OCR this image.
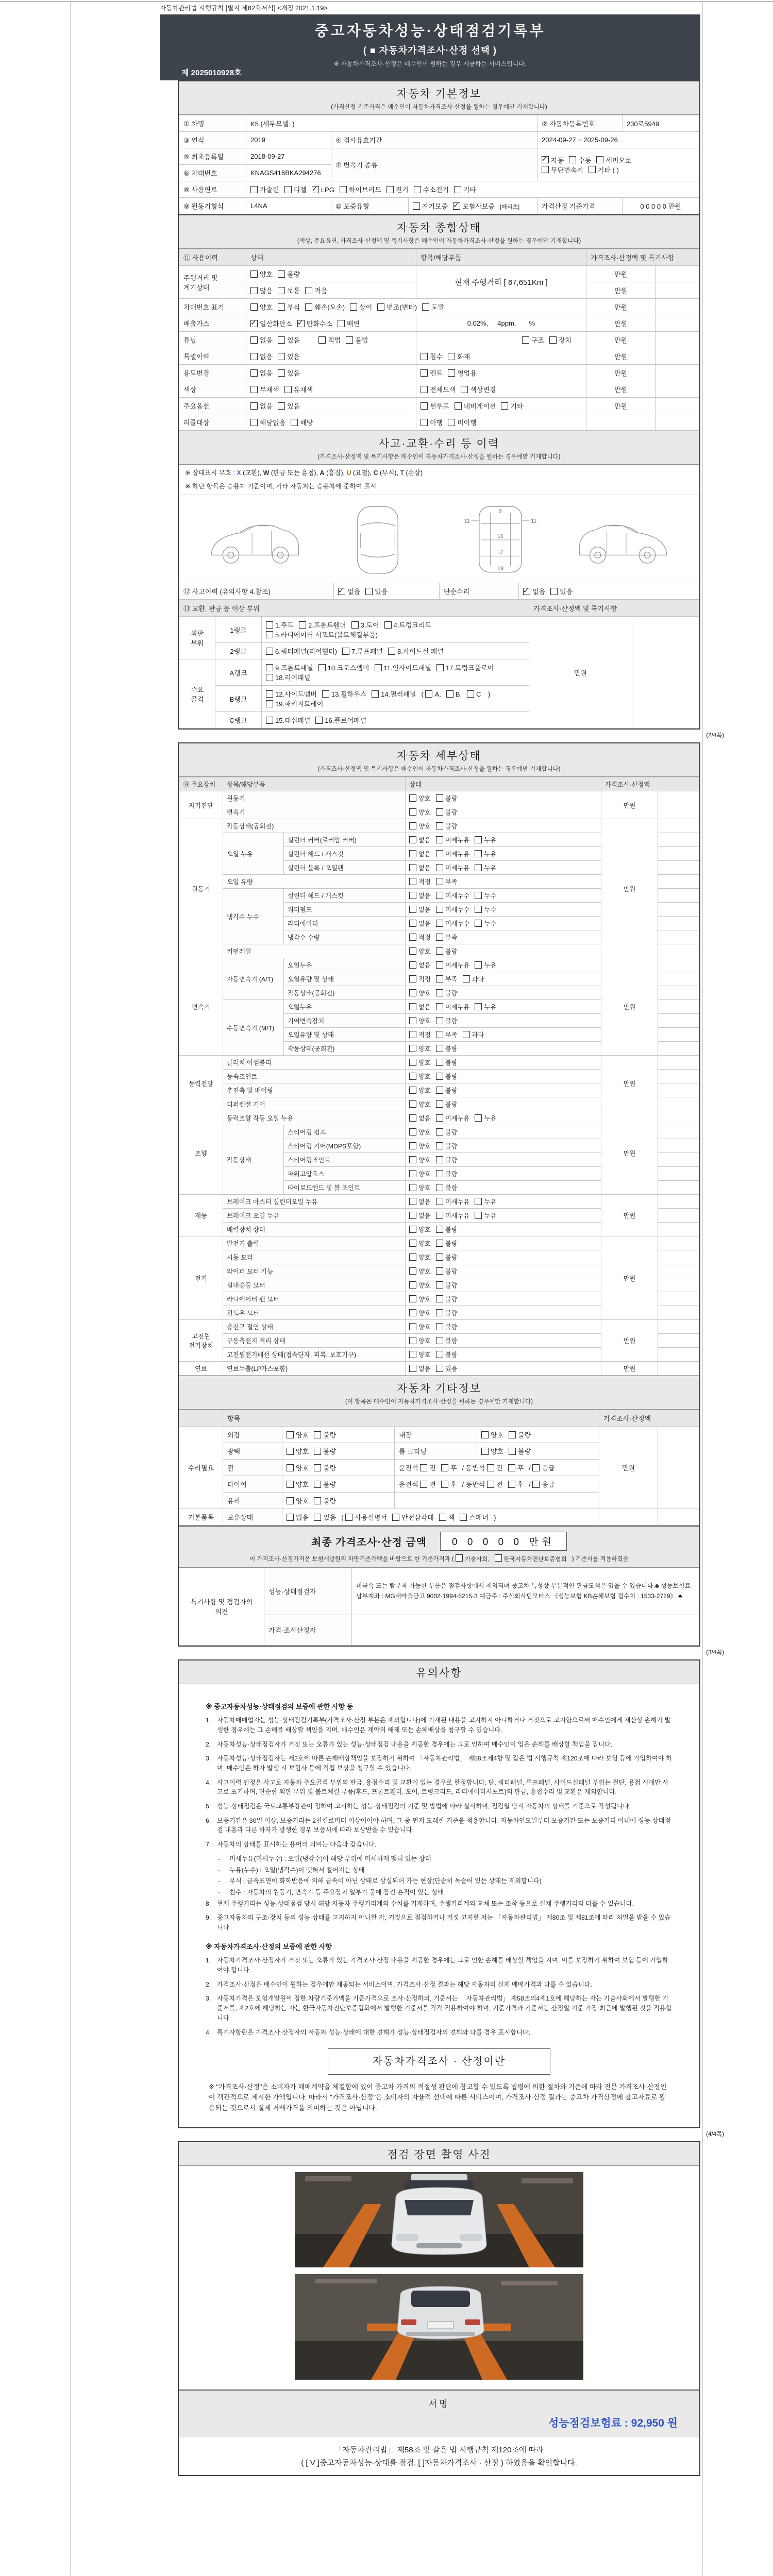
자동차관리법 시행규칙 [별지 제82호서식] <개정 2021.1.19>
중고자동차성능·상태점검기록부
( ■ 자동차가격조사·산정 선택 )
※ 자동차가격조사·산정은 매수인이 원하는 경우 제공하는 서비스입니다.
제 2025010928호
자동차 기본정보
(가격산정 기준가격은 매수인이 자동차가격조사·산정을 원하는 경우에만 기재합니다)
① 차명	K5 (세부모델: )			② 자동차등록번호	230로5949
③ 연식	2019	④ 검사유효기간		2024-09-27 ~ 2025-09-26	
⑤ 최초등록일	2018-09-27	⑦ 변속기 종류	✓자동 수동 세미오토
무단변속기 기타 ( )
⑥ 차대번호	KNAGS416BKA294276				
⑧ 사용연료	가솔린 디젤 ✓ LPG 하이브리드 전기 수소전기 기타
⑨ 원동기형식	L4NA	⑩ 보증유형	자기보증 ✓ 보험사보증 [메리츠]	가격산정 기준가격	0 0 0 0 0 만원
자동차 종합상태
(색상, 주요옵션, 가격조사·산정액 및 특기사항은 매수인이 자동차가격조사·산정을 원하는 경우에만 기재합니다)
⑪ 사용이력	상태	항목/해당부품	가격조사·산정액 및 특기사항	
주행거리 및 계기상태	양호 불량	현재 주행거리 [ 67,651Km ]	만원	
	많음 보통 적음		만원	
차대번호 표기	양호 부식 훼손(오손) 상이 변조(변타) 도말		만원	
배출가스	✓일산화탄소 ✓ 탄화수소 매연	0.02%,     4ppm,       %	만원	
튜닝	없음 있음 적법 불법	구조 장치	만원	
특별이력	없음 있음	침수 화재	만원	
용도변경	없음 있음	렌트 영업용	만원	
색상	무채색 유채색	전체도색 색상변경	만원	
주요옵션	없음 있음	썬루프 네비게이션 기타	만원	
리콜대상	해당없음 해당	이행 미이행		
사고·교환·수리 등 이력
(가격조사·산정액 및 특기사항은 매수인이 자동차가격조사·산정을 원하는 경우에만 기재합니다)
※ 상태표시 부호 : X (교환), W (판금 또는 용접), A (흠집), U (요철), C (부식), T (손상)
※ 하단 항목은 승용차 기준이며, 기타 자동차는 승용차에 준하여 표시
9
11	11
16
17
18
⑫ 사고이력 (유의사항 4.참조)	✓없음 있음	단순수리	✓없음 있음
⑬ 교환, 판금 등 이상 부위			가격조사·산정액 및 특기사항	
외판 부위	1랭크	1.후드 2.프론트휀더 3.도어 4.트렁크리드
5.라디에이터 서포트(볼트체결부품)	만원	
	2랭크	6.쿼터패널(리어휀더) 7.루프패널 8.사이드실 패널		
주요 골격	A랭크	9.프론트패널 10.크로스멤버 11.인사이드패널 17.트렁크플로어
18.리어패널		
	B랭크	12.사이드멤버 13.휠하우스 14.필러패널 ( A, B, C )
19.패키지트레이		
	C랭크	15.대쉬패널 16.플로어패널		
(2/4쪽)
자동차 세부상태
(가격조사·산정액 및 특기사항은 매수인이 자동차가격조사·산정을 원하는 경우에만 기재합니다)
⑭ 주요장치	항목/해당부품		상태	가격조사·산정액	
자기진단	원동기		양호 불량	만원	
	변속기		양호 불량		
원동기	작동상태(공회전)		양호 불량	만원	
	오일 누유	실린더 커버(로커암 커버)	없음 미세누유 누유		
		실린더 헤드 / 개스킷	없음 미세누유 누유		
		실린더 블록 / 오일팬	없음 미세누유 누유		
	오일 유량		적정 부족		
	냉각수 누수	실린더 헤드 / 개스킷	없음 미세누수 누수		
		워터펌프	없음 미세누수 누수		
		라디에이터	없음 미세누수 누수		
		냉각수 수량	적정 부족		
	커먼레일		양호 불량		
변속기	자동변속기 (A/T)	오일누유	없음 미세누유 누유	만원	
		오일유량 및 상태	적정 부족 과다		
		작동상태(공회전)	양호 불량		
	수동변속기 (M/T)	오일누유	없음 미세누유 누유		
		기어변속장치	양호 불량		
		오일유량 및 상태	적정 부족 과다		
		작동상태(공회전)	양호 불량		
동력전달	클러치 어셈블리		양호 불량	만원	
	등속조인트		양호 불량		
	추진축 및 베어링		양호 불량		
	디퍼렌셜 기어		양호 불량		
조향	동력조향 작동 오일 누유		없음 미세누유 누유	만원	
	작동상태	스티어링 펌프	양호 불량		
		스티어링 기어(MDPS포함)	양호 불량		
		스티어링조인트	양호 불량		
		파워고압호스	양호 불량		
		타이로드엔드 및 볼 조인트	양호 불량		
제동	브레이크 마스터 실린더오일 누유		없음 미세누유 누유	만원	
	브레이크 오일 누유		없음 미세누유 누유		
	배력장치 상태		양호 불량		
전기	발전기 출력		양호 불량	만원	
	시동 모터		양호 불량		
	와이퍼 모터 기능		양호 불량		
	실내송풍 모터		양호 불량		
	라디에이터 팬 모터		양호 불량		
	윈도우 모터		양호 불량		
고전원 전기장치	충전구 절연 상태		양호 불량	만원	
	구동축전지 격리 상태		양호 불량		
	고전원전기배선 상태(접속단자, 피복, 보호기구)		양호 불량		
연료	연료누출(LP가스포함)		없음 있음	만원	
자동차 기타정보
(이 항목은 매수인이 자동차가격조사·산정을 원하는 경우에만 기재합니다)
	항목				가격조사·산정액	
수리필요	외장	양호 불량	내장	양호 불량	만원	
	광택	양호 불량	룸 크리닝	양호 불량		
	휠	양호 불량	운전석 전 후 / 동반석 전 후 / 응급			
	타이어	양호 불량	운전석 전 후 / 동반석 전 후 / 응급			
	유리	양호 불량				
기본품목	보유상태	없음 있음 ( 사용설명서 안전삼각대 잭 스패너 )				
최종 가격조사·산정 금액	0 0 0 0 0 만원
이 가격조사·산정가격은 보험개발원의 차량기준가액을 바탕으로 한 기준가격과 ( 기술사회, 한국자동차진단보증협회 ) 기준서를 적용하였음
특기사항 및 점검자의 의견	성능·상태점검자	비금속 또는 탈부착 가능한 부품은 점검사항에서 제외되며 중고차 특성상 부분적인 판금도색은 있을 수 있습니다.♣ 성능보험료 납부계좌 : MG새마을금고 9002-1994-5215-3 예금주 : 주식회사팀모터스 《성능보험 KB손해보험 접수처 : 1533-2729》 ♣
	가격·조사산정자	
(3/4쪽)
유의사항
※ 중고자동차성능·상태점검의 보증에 관한 사항 등
1. 자동차매매업자는 성능·상태점검기록부(가격조사·산정 부분은 제외합니다)에 기재된 내용을 고지하지 아니하거나 거짓으로 고지함으로써 매수인에게 재산상 손해가 발생한 경우에는 그 손해를 배상할 책임을 지며, 매수인은 계약의 해제 또는 손해배상을 청구할 수 있습니다.
2. 자동차성능·상태점검자가 거짓 또는 오류가 있는 성능·상태점검 내용을 제공한 경우에는 그로 인하여 매수인이 입은 손해를 배상할 책임을 집니다.
3. 자동차성능·상태점검자는 제2호에 따른 손해배상책임을 보장하기 위하여 「자동차관리법」 제58조제4항 및 같은 법 시행규칙 제120조에 따라 보험 등에 가입하여야 하며, 매수인은 하자 발생 시 보험사 등에 직접 보상을 청구할 수 있습니다.
4. 사고이력 인정은 사고로 자동차 주요골격 부위의 판금, 용접수리 및 교환이 있는 경우로 한정합니다. 단, 쿼터패널, 루프패널, 사이드실패널 부위는 절단, 용접 시에만 사고로 표기하며, 단순한 외판 부위 및 볼트체결 부품(후드, 프론트휀더, 도어, 트렁크리드, 라디에이터서포트)의 판금, 용접수리 및 교환은 제외합니다.
5. 성능·상태점검은 국토교통부장관이 정하여 고시하는 성능·상태점검의 기준 및 방법에 따라 실시하며, 점검일 당시 자동차의 상태를 기준으로 작성됩니다.
6. 보증기간은 30일 이상, 보증거리는 2천킬로미터 이상이어야 하며, 그 중 먼저 도래한 기준을 적용합니다. 자동차인도일부터 보증기간 또는 보증거리 이내에 성능·상태점검 내용과 다른 하자가 발생한 경우 보증서에 따라 보상받을 수 있습니다.
7. 자동차의 상태를 표시하는 용어의 의미는 다음과 같습니다.
-	미세누유(미세누수) : 오일(냉각수)이 해당 부위에 미세하게 맺혀 있는 상태
-	누유(누수) : 오일(냉각수)이 맺혀서 떨어지는 상태
-	부식 : 금속표면이 화학반응에 의해 금속이 아닌 상태로 상실되어 가는 현상(단순히 녹슬어 있는 상태는 제외합니다)
-	침수 : 자동차의 원동기, 변속기 등 주요장치 일부가 물에 잠긴 흔적이 있는 상태
8. 현재 주행거리는 성능·상태점검 당시 해당 자동차 주행거리계의 수치를 기재하며, 주행거리계의 교체 또는 조작 등으로 실제 주행거리와 다를 수 있습니다.
9. 중고자동차의 구조·장치 등의 성능·상태를 고지하지 아니한 자, 거짓으로 점검하거나 거짓 고지한 자는 「자동차관리법」 제80조 및 제81조에 따라 처벌을 받을 수 있습니다.
※ 자동차가격조사·산정의 보증에 관한 사항
1. 자동차가격조사·산정자가 거짓 또는 오류가 있는 가격조사·산정 내용을 제공한 경우에는 그로 인한 손해를 배상할 책임을 지며, 이를 보장하기 위하여 보험 등에 가입하여야 합니다.
2. 가격조사·산정은 매수인이 원하는 경우에만 제공되는 서비스이며, 가격조사·산정 결과는 해당 자동차의 실제 매매가격과 다를 수 있습니다.
3. 자동차가격은 보험개발원이 정한 차량기준가액을 기준가격으로 조사·산정하되, 기준서는 「자동차관리법」 제58조의4제1호에 해당하는 자는 기술사회에서 발행한 기준서를, 제2호에 해당하는 자는 한국자동차진단보증협회에서 발행한 기준서를 각각 적용하여야 하며, 기준가격과 기준서는 산정일 기준 가장 최근에 발행된 것을 적용합니다.
4. 특기사항란은 가격조사·산정자의 자동차 성능·상태에 대한 견해가 성능·상태점검자의 견해와 다를 경우 표시합니다.
자동차가격조사 · 산정이란
※ "가격조사·산정"은 소비자가 매매계약을 체결함에 있어 중고차 가격의 적절성 판단에 참고할 수 있도록 법령에 의한 절차와 기준에 따라 전문 가격조사·산정인이 객관적으로 제시한 가액입니다. 따라서 "가격조사·산정"은 소비자의 자율적 선택에 따른 서비스이며, 가격조사·산정 결과는 중고차 가격산정에 참고자료로 활용되는 것으로서 실제 거래가격을 의미하는 것은 아닙니다.
(4/4쪽)
점검 장면 촬영 사진
서명
성능점검보험료 : 92,950 원
「자동차관리법」 제58조 및 같은 법 시행규칙 제120조에 따라
( [ V ]중고자동차성능·상태를 점검, [ ]자동차가격조사 · 산정 ) 하였음을 확인합니다.
